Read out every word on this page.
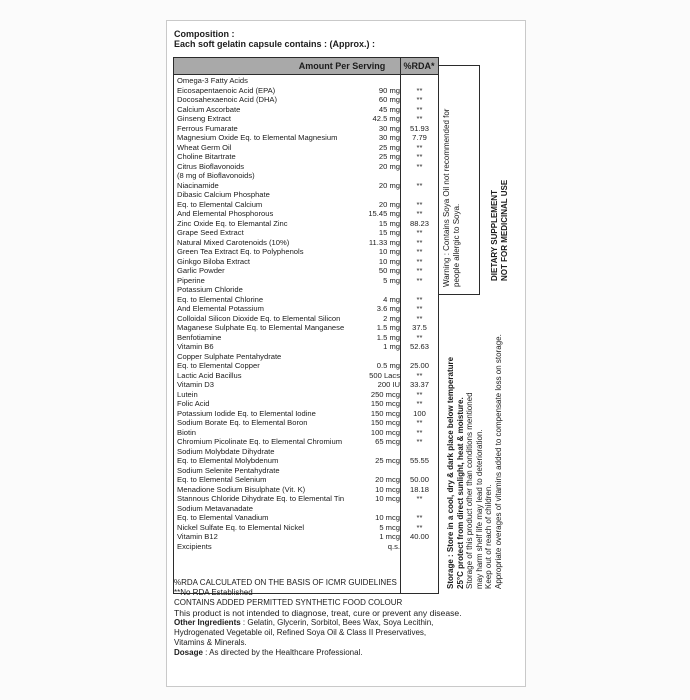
Composition :
Each soft gelatin capsule contains : (Approx.) :
Amount Per Serving	%RDA*
Omega-3 Fatty Acids
Eicosapentaenoic Acid (EPA)	90 mg	**
Docosahexaenoic Acid (DHA)	60 mg	**
Calcium Ascorbate	45 mg	**
Ginseng Extract	42.5 mg	**
Ferrous Fumarate	30 mg	51.93
Magnesium Oxide Eq. to Elemental Magnesium	30 mg	7.79
Wheat Germ Oil	25 mg	**
Choline Bitartrate	25 mg	**
Citrus Bioflavonoids	20 mg	**
(8 mg of Bioflavonoids)
Niacinamide	20 mg	**
Dibasic Calcium Phosphate
Eq. to Elemental Calcium	20 mg	**
And Elemental Phosphorous	15.45 mg	**
Zinc Oxide Eq. to Elemantal Zinc	15 mg	88.23
Grape Seed Extract	15 mg	**
Natural Mixed Carotenoids (10%)	11.33 mg	**
Green Tea Extract Eq. to Polyphenols	10 mg	**
Ginkgo Biloba Extract	10 mg	**
Garlic Powder	50 mg	**
Piperine	5 mg	**
Potassium Chloride
Eq. to Elemental Chlorine	4 mg	**
And Elemental Potassium	3.6 mg	**
Colloidal Silicon Dioxide Eq. to Elemental Silicon	2 mg	**
Maganese Sulphate Eq. to Elemental Manganese	1.5 mg	37.5
Benfotiamine	1.5 mg	**
Vitamin B6	1 mg	52.63
Copper Sulphate Pentahydrate
Eq. to Elemental Copper	0.5 mg	25.00
Lactic Acid Bacillus	500 Lacs	**
Vitamin D3	200 IU	33.37
Lutein	250 mcg	**
Folic Acid	150 mcg	**
Potassium Iodide Eq. to Elemental Iodine	150 mcg	100
Sodium Borate Eq. to Elemental Boron	150 mcg	**
Biotin	100 mcg	**
Chromium Picolinate Eq. to Elemental Chromium	65 mcg	**
Sodium Molybdate Dihydrate
Eq. to Elemental Molybdenum	25 mcg	55.55
Sodium Selenite Pentahydrate
Eq. to Elemental Selenium	20 mcg	50.00
Menadione Sodium Bisulphate (Vit. K)	10 mcg	18.18
Stannous Chloride Dihydrate Eq. to Elemental Tin	10 mcg	**
Sodium Metavanadate
Eq. to Elemental Vanadium	10 mcg	**
Nickel Sulfate Eq. to Elemental Nickel	5 mcg	**
Vitamin B12	1 mcg	40.00
Excipients	q.s.
%RDA CALCULATED ON THE BASIS OF ICMR GUIDELINES
**No RDA Established
CONTAINS ADDED PERMITTED SYNTHETIC FOOD COLOUR
This product is not intended to diagnose, treat, cure or prevent any disease.
Other Ingredients : Gelatin, Glycerin, Sorbitol, Bees Wax, Soya Lecithin,
Hydrogenated Vegetable oil, Refined Soya Oil & Class II Preservatives,
Vitamins & Minerals.
Dosage : As directed by the Healthcare Professional.
Storage : Store in a cool, dry & dark place below temperature 25°C protect from direct sunlight, heat & moisture. Storage of this product other than conditions mentioned may harm shelf life may lead to deterioration. Keep out of reach of children. Appropriate overages of vitamins added to compensate loss on storage.
Warning : Contains Soya Oil not recommended for people allergic to Soya.	DIETARY SUPPLEMENT NOT FOR MEDICINAL USE
